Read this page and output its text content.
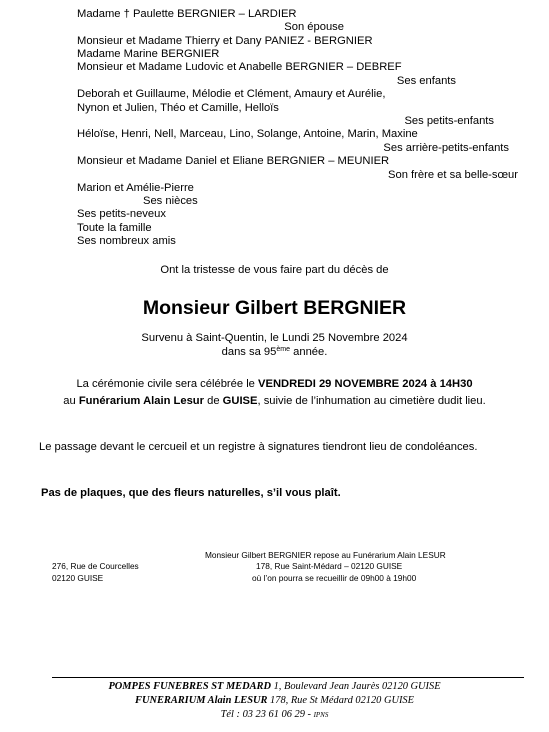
Madame † Paulette BERGNIER – LARDIER
Son épouse
Monsieur et Madame Thierry et Dany PANIEZ - BERGNIER
Madame Marine BERGNIER
Monsieur et Madame Ludovic et Anabelle BERGNIER – DEBREF
Ses enfants
Deborah et Guillaume, Mélodie et Clément, Amaury et Aurélie,
Nynon et Julien, Théo et Camille, Helloïs
Ses petits-enfants
Héloïse, Henri, Nell, Marceau, Lino, Solange, Antoine, Marin, Maxine
Ses arrière-petits-enfants
Monsieur et Madame Daniel et Eliane BERGNIER – MEUNIER
Son frère et sa belle-sœur
Marion et Amélie-Pierre
Ses nièces
Ses petits-neveux
Toute la famille
Ses nombreux amis
Ont la tristesse de vous faire part du décès de
Monsieur Gilbert BERGNIER
Survenu à Saint-Quentin, le Lundi 25 Novembre 2024
dans sa 95ème année.
La cérémonie civile sera célébrée le VENDREDI 29 NOVEMBRE 2024 à 14H30
au Funérarium Alain Lesur de GUISE, suivie de l’inhumation au cimetière dudit lieu.
Le passage devant le cercueil et un registre à signatures tiendront lieu de condoléances.
Pas de plaques, que des fleurs naturelles, s’il vous plaît.
Monsieur Gilbert BERGNIER repose au Funérarium Alain LESUR
276, Rue de Courcelles	178, Rue Saint-Médard – 02120 GUISE
02120 GUISE	où l’on pourra se recueillir de 09h00 à 19h00
POMPES FUNEBRES ST MEDARD 1, Boulevard Jean Jaurès 02120 GUISE
FUNERARIUM Alain LESUR 178, Rue St Médard 02120 GUISE
Tél : 03 23 61 06 29 - IPNS
